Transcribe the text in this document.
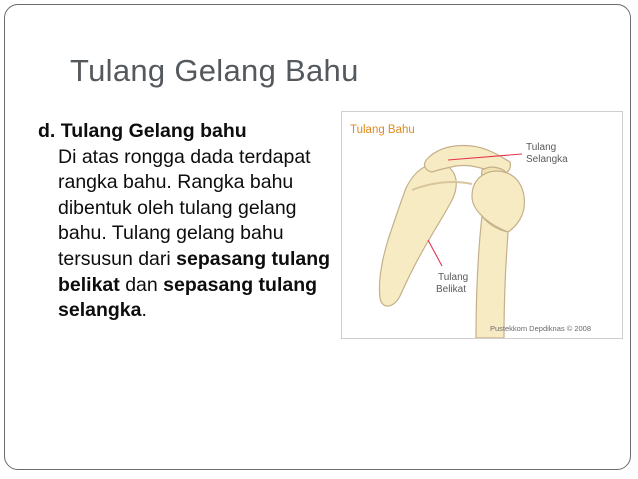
Tulang Gelang Bahu
d. Tulang Gelang bahu
Di atas rongga dada terdapat rangka bahu. Rangka bahu dibentuk oleh tulang gelang bahu. Tulang gelang bahu tersusun dari sepasang tulang belikat dan sepasang tulang selangka.
Tulang Bahu
Tulang
Selangka
Tulang
Belikat
Pustekkom Depdiknas © 2008
